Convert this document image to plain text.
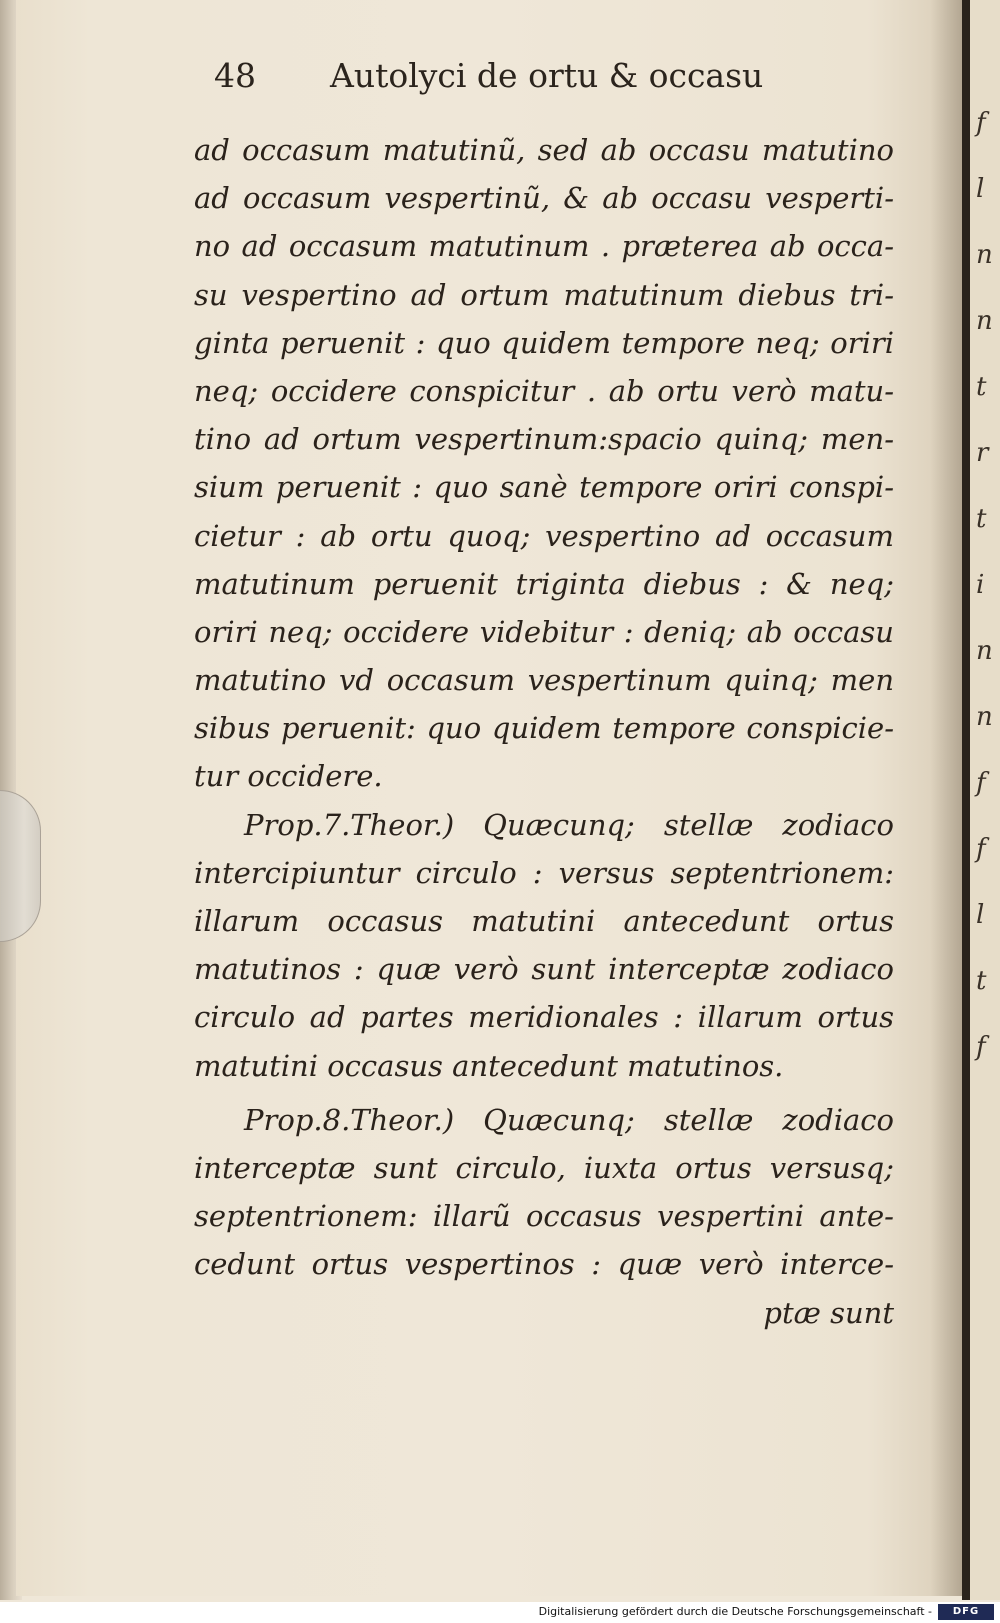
f
l
n
n
t
r
t
i
n
n
f
f
l
t
f
48 Autolyci de ortu & occasu
ad occasum matutinũ, sed ab occasu matutino
ad occasum vespertinũ, & ab occasu vesperti-
no ad occasum matutinum . præterea ab occa-
su vespertino ad ortum matutinum diebus tri-
ginta peruenit : quo quidem tempore neq; oriri
neq; occidere conspicitur . ab ortu verò matu-
tino ad ortum vespertinum:spacio quinq; men-
sium peruenit : quo sanè tempore oriri conspi-
cietur : ab ortu quoq; vespertino ad occasum
matutinum peruenit triginta diebus : & neq;
oriri neq; occidere videbitur : deniq; ab occasu
matutino vd occasum vespertinum quinq; men
sibus peruenit: quo quidem tempore conspicie-
tur occidere.
Prop.7.Theor.) Quæcunq; stellæ zodiaco
intercipiuntur circulo : versus septentrionem:
illarum occasus matutini antecedunt ortus
matutinos : quæ verò sunt interceptæ zodiaco
circulo ad partes meridionales : illarum ortus
matutini occasus antecedunt matutinos.
Prop.8.Theor.) Quæcunq; stellæ zodiaco
interceptæ sunt circulo, iuxta ortus versusq;
septentrionem: illarũ occasus vespertini ante-
cedunt ortus vespertinos : quæ verò interce-
ptæ sunt
Digitalisierung gefördert durch die Deutsche Forschungsgemeinschaft -	DFG
